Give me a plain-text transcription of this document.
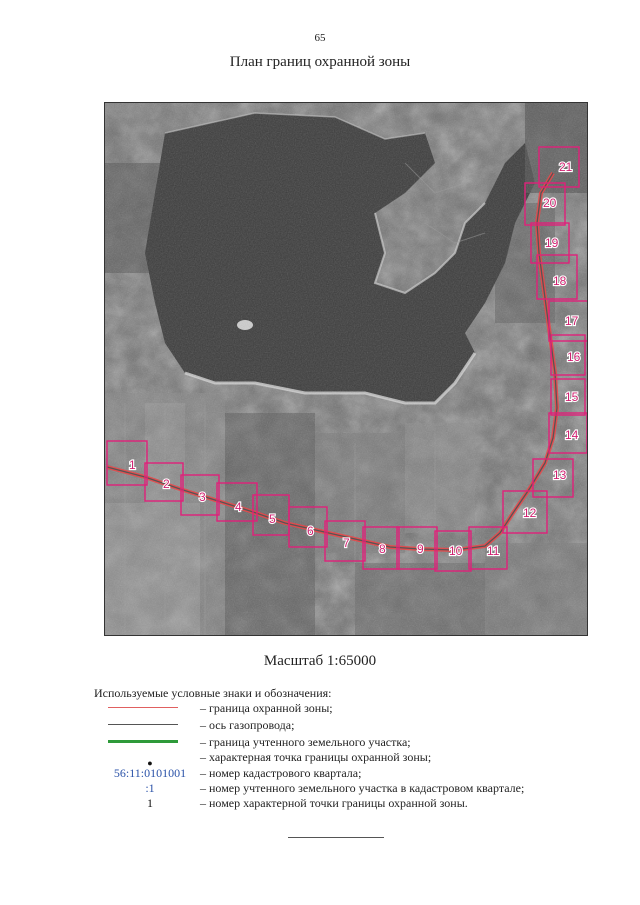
65
План границ охранной зоны
1
2
3
4
5
6
7 8	9 10 11
12
13
14
15
16
17
18
19
20
21
Масштаб 1:65000
Используемые условные знаки и обозначения:
– граница охранной зоны;
– ось газопровода;
– граница учтенного земельного участка;
●	– характерная точка границы охранной зоны;
56:11:0101001	– номер кадастрового квартала;
:1	– номер учтенного земельного участка в кадастровом квартале;
1	– номер характерной точки границы охранной зоны.
